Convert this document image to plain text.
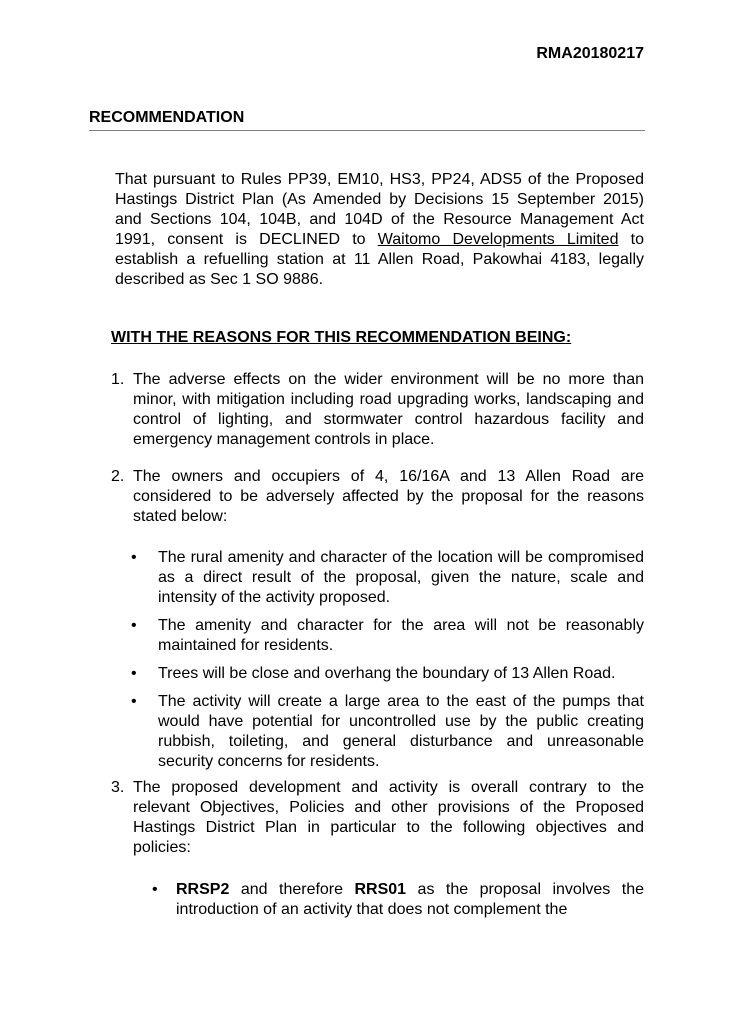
RMA20180217
RECOMMENDATION
That pursuant to Rules PP39, EM10, HS3, PP24, ADS5 of the Proposed Hastings District Plan (As Amended by Decisions 15 September 2015) and Sections 104, 104B, and 104D of the Resource Management Act 1991, consent is DECLINED to Waitomo Developments Limited to establish a refuelling station at 11 Allen Road, Pakowhai 4183, legally described as Sec 1 SO 9886.
WITH THE REASONS FOR THIS RECOMMENDATION BEING:
1. The adverse effects on the wider environment will be no more than minor, with mitigation including road upgrading works, landscaping and control of lighting, and stormwater control hazardous facility and emergency management controls in place.
2. The owners and occupiers of 4, 16/16A and 13 Allen Road are considered to be adversely affected by the proposal for the reasons stated below:
• The rural amenity and character of the location will be compromised as a direct result of the proposal, given the nature, scale and intensity of the activity proposed.
• The amenity and character for the area will not be reasonably maintained for residents.
• Trees will be close and overhang the boundary of 13 Allen Road.
• The activity will create a large area to the east of the pumps that would have potential for uncontrolled use by the public creating rubbish, toileting, and general disturbance and unreasonable security concerns for residents.
3. The proposed development and activity is overall contrary to the relevant Objectives, Policies and other provisions of the Proposed Hastings District Plan in particular to the following objectives and policies:
• RRSP2 and therefore RRS01 as the proposal involves the introduction of an activity that does not complement the
